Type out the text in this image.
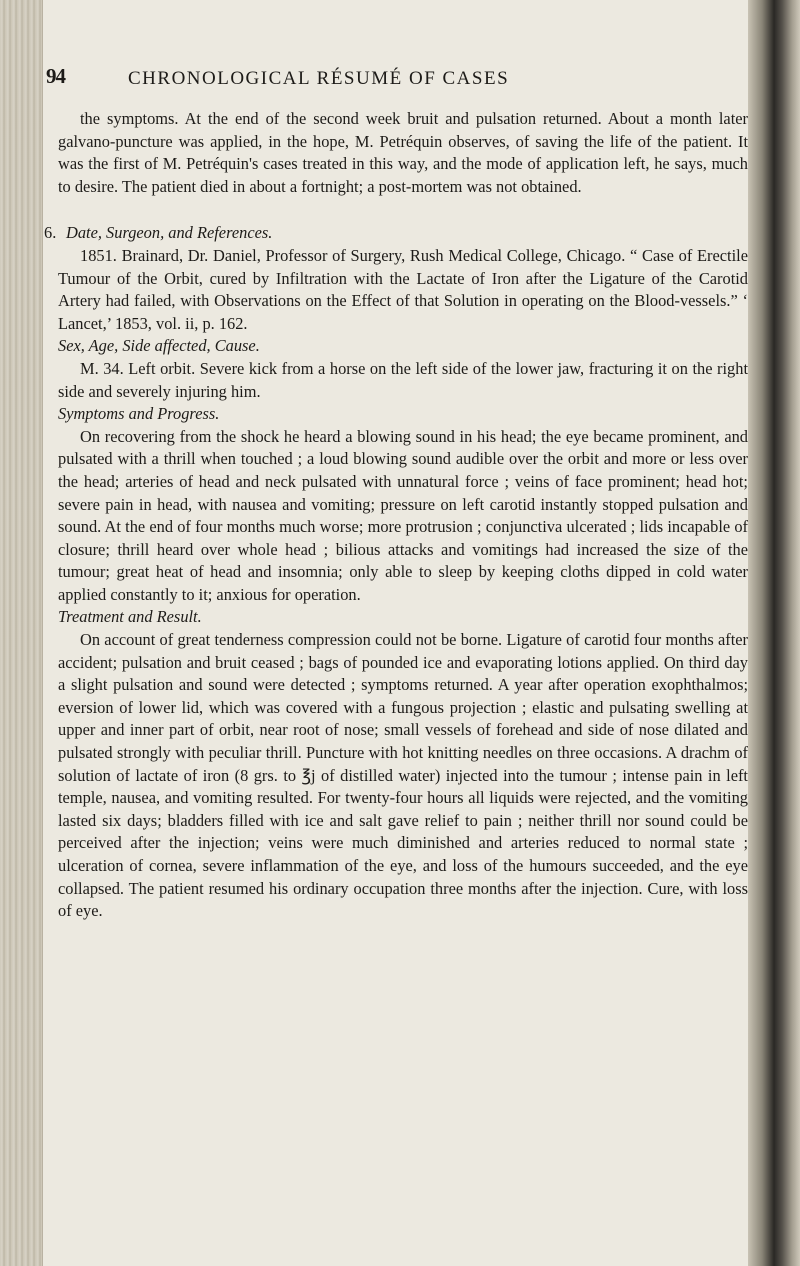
94	CHRONOLOGICAL RÉSUMÉ OF CASES

the symptoms. At the end of the second week bruit and pulsation returned. About a month later galvano-puncture was applied, in the hope, M. Petréquin observes, of saving the life of the patient. It was the first of M. Petréquin's cases treated in this way, and the mode of application left, he says, much to desire. The patient died in about a fortnight; a post-mortem was not obtained.

6. Date, Surgeon, and References.

1851. Brainard, Dr. Daniel, Professor of Surgery, Rush Medical College, Chicago. “ Case of Erectile Tumour of the Orbit, cured by Infiltration with the Lactate of Iron after the Ligature of the Carotid Artery had failed, with Observations on the Effect of that Solution in operating on the Blood-vessels.” ‘ Lancet,’ 1853, vol. ii, p. 162.

Sex, Age, Side affected, Cause.

M. 34. Left orbit. Severe kick from a horse on the left side of the lower jaw, fracturing it on the right side and severely injuring him.

Symptoms and Progress.

On recovering from the shock he heard a blowing sound in his head; the eye became prominent, and pulsated with a thrill when touched ; a loud blowing sound audible over the orbit and more or less over the head; arteries of head and neck pulsated with unnatural force ; veins of face prominent; head hot; severe pain in head, with nausea and vomiting; pressure on left carotid instantly stopped pulsation and sound. At the end of four months much worse; more protrusion ; conjunctiva ulcerated ; lids incapable of closure; thrill heard over whole head ; bilious attacks and vomitings had increased the size of the tumour; great heat of head and insomnia; only able to sleep by keeping cloths dipped in cold water applied constantly to it; anxious for operation.

Treatment and Result.

On account of great tenderness compression could not be borne. Ligature of carotid four months after accident; pulsation and bruit ceased ; bags of pounded ice and evaporating lotions applied. On third day a slight pulsation and sound were detected ; symptoms returned. A year after operation exophthalmos; eversion of lower lid, which was covered with a fungous projection ; elastic and pulsating swelling at upper and inner part of orbit, near root of nose; small vessels of forehead and side of nose dilated and pulsated strongly with peculiar thrill. Puncture with hot knitting needles on three occasions. A drachm of solution of lactate of iron (8 grs. to ℥j of distilled water) injected into the tumour ; intense pain in left temple, nausea, and vomiting resulted. For twenty-four hours all liquids were rejected, and the vomiting lasted six days; bladders filled with ice and salt gave relief to pain ; neither thrill nor sound could be perceived after the injection; veins were much diminished and arteries reduced to normal state ; ulceration of cornea, severe inflammation of the eye, and loss of the humours succeeded, and the eye collapsed. The patient resumed his ordinary occupation three months after the injection. Cure, with loss of eye.
